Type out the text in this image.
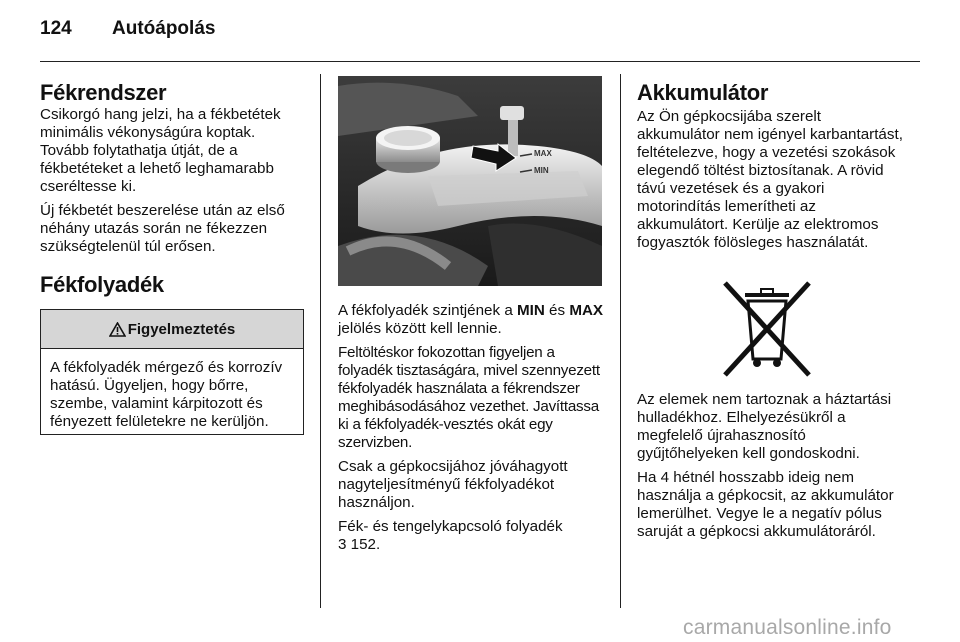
124 Autóápolás
Fékrendszer

Csikorgó hang jelzi, ha a fékbetétek minimális vékonyságúra koptak. Tovább folytathatja útját, de a fékbetéteket a lehető leghamarabb cseréltesse ki.

Új fékbetét beszerelése után az első néhány utazás során ne fékezzen szükségtelenül túl erősen.

Fékfolyadék
Figyelmeztetés
A fékfolyadék mérgező és korrozív hatású. Ügyeljen, hogy bőrre, szembe, valamint kárpitozott és fényezett felületekre ne kerüljön.
MAX
MIN

A fékfolyadék szintjének a MIN és MAX jelölés között kell lennie.

Feltöltéskor fokozottan figyeljen a folyadék tisztaságára, mivel szennyezett fékfolyadék használata a fékrendszer meghibásodásához vezethet. Javíttassa ki a fékfolyadék-vesztés okát egy szervizben.

Csak a gépkocsijához jóváhagyott nagyteljesítményű fékfolyadékot használjon.

Fék- és tengelykapcsoló folyadék
3 152.

Akkumulátor

Az Ön gépkocsijába szerelt akkumulátor nem igényel karbantartást, feltételezve, hogy a vezetési szokások elegendő töltést biztosítanak. A rövid távú vezetések és a gyakori motorindítás lemerítheti az akkumulátort. Kerülje az elektromos fogyasztók fölösleges használatát.

Az elemek nem tartoznak a háztartási hulladékhoz. Elhelyezésükről a megfelelő újrahasznosító gyűjtőhelyeken kell gondoskodni.

Ha 4 hétnél hosszabb ideig nem használja a gépkocsit, az akkumulátor lemerülhet. Vegye le a negatív pólus saruját a gépkocsi akkumulátoráról.

carmanualsonline.info
